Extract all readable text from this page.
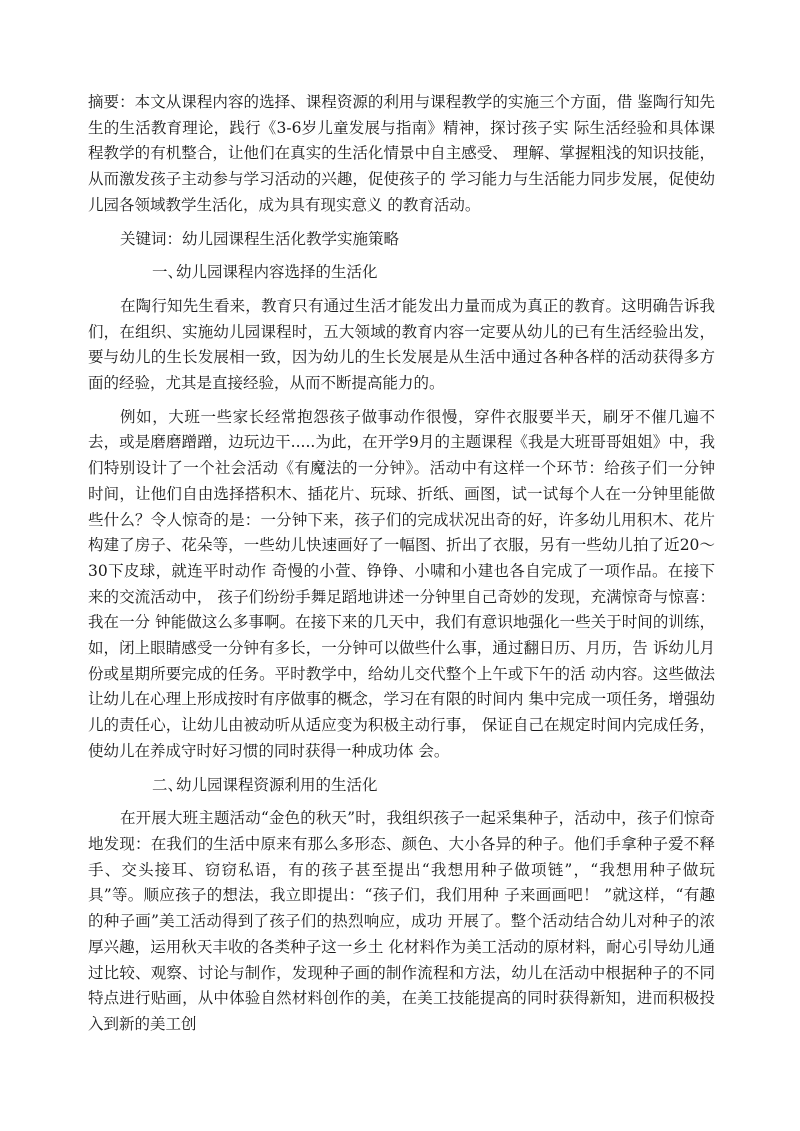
摘要：本文从课程内容的选择、课程资源的利用与课程教学的实施三个方面，借 鉴陶行知先生的生活教育理论，践行《3-6岁儿童发展与指南》精神，探讨孩子实 际生活经验和具体课程教学的有机整合，让他们在真实的生活化情景中自主感受、 理解、掌握粗浅的知识技能，从而激发孩子主动参与学习活动的兴趣，促使孩子的 学习能力与生活能力同步发展，促使幼儿园各领域教学生活化，成为具有现实意义 的教育活动。

关键词：幼儿园课程生活化教学实施策略

一、幼儿园课程内容选择的生活化

在陶行知先生看来，教育只有通过生活才能发出力量而成为真正的教育。这明确告诉我们，在组织、实施幼儿园课程时，五大领域的教育内容一定要从幼儿的已有生活经验出发，要与幼儿的生长发展相一致，因为幼儿的生长发展是从生活中通过各种各样的活动获得多方面的经验，尤其是直接经验，从而不断提高能力的。

例如，大班一些家长经常抱怨孩子做事动作很慢，穿件衣服要半天，刷牙不催几遍不去，或是磨磨蹭蹭，边玩边干.....为此，在开学9月的主题课程《我是大班哥哥姐姐》中，我们特别设计了一个社会活动《有魔法的一分钟》。活动中有这样一个环节：给孩子们一分钟时间，让他们自由选择搭积木、插花片、玩球、折纸、画图，试一试每个人在一分钟里能做些什么？令人惊奇的是：一分钟下来，孩子们的完成状况出奇的好，许多幼儿用积木、花片构建了房子、花朵等，一些幼儿快速画好了一幅图、折出了衣服，另有一些幼儿拍了近20～30下皮球，就连平时动作 奇慢的小萱、铮铮、小啸和小建也各自完成了一项作品。在接下来的交流活动中， 孩子们纷纷手舞足蹈地讲述一分钟里自己奇妙的发现，充满惊奇与惊喜：我在一分 钟能做这么多事啊。在接下来的几天中，我们有意识地强化一些关于时间的训练， 如，闭上眼睛感受一分钟有多长，一分钟可以做些什么事，通过翻日历、月历，告 诉幼儿月份或星期所要完成的任务。平时教学中，给幼儿交代整个上午或下午的活 动内容。这些做法让幼儿在心理上形成按时有序做事的概念，学习在有限的时间内 集中完成一项任务，增强幼儿的责任心，让幼儿由被动听从适应变为积极主动行事， 保证自己在规定时间内完成任务，使幼儿在养成守时好习惯的同时获得一种成功体 会。

二、幼儿园课程资源利用的生活化

在开展大班主题活动“金色的秋天”时，我组织孩子一起采集种子，活动中，孩子们惊奇地发现：在我们的生活中原来有那么多形态、颜色、大小各异的种子。他们手拿种子爱不释手、交头接耳、窃窃私语，有的孩子甚至提出“我想用种子做项链”，“我想用种子做玩具”等。顺应孩子的想法，我立即提出：“孩子们，我们用种 子来画画吧！ ”就这样，“有趣的种子画”美工活动得到了孩子们的热烈响应，成功 开展了。整个活动结合幼儿对种子的浓厚兴趣，运用秋天丰收的各类种子这一乡土 化材料作为美工活动的原材料，耐心引导幼儿通过比较、观察、讨论与制作，发现种子画的制作流程和方法，幼儿在活动中根据种子的不同特点进行贴画，从中体验自然材料创作的美，在美工技能提高的同时获得新知，进而积极投入到新的美工创
